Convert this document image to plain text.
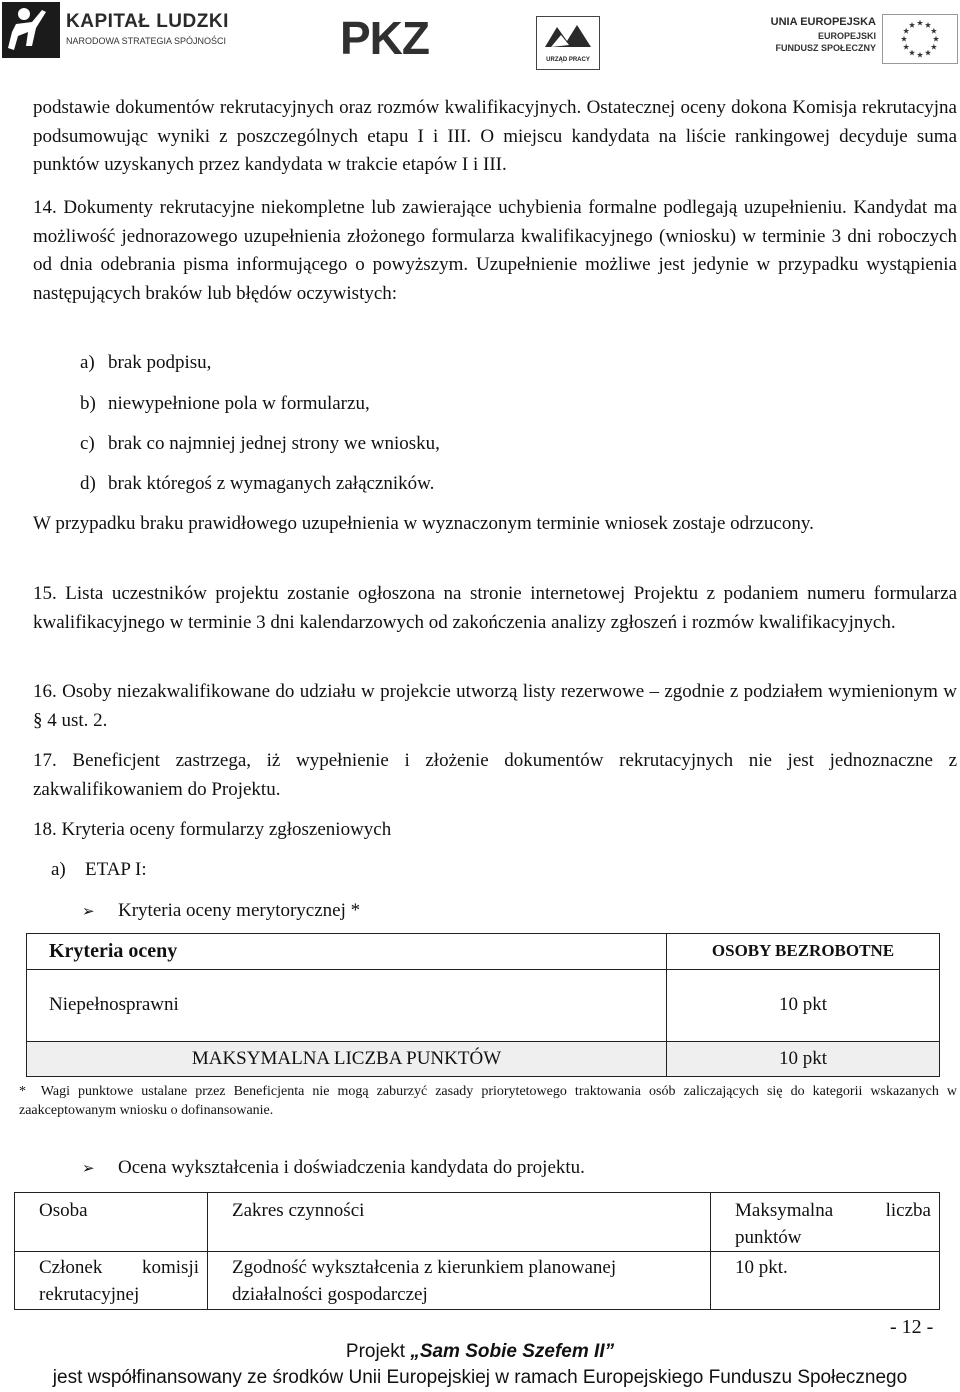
KAPITAŁ LUDZKI
NARODOWA STRATEGIA SPÓJNOŚCI PKZ	URZĄD PRACY
UNIA EUROPEJSKA
EUROPEJSKI
FUNDUSZ SPOŁECZNY
podstawie dokumentów rekrutacyjnych oraz rozmów kwalifikacyjnych. Ostatecznej oceny dokona Komisja rekrutacyjna podsumowując wyniki z poszczególnych etapu I i III. O miejscu kandydata na liście rankingowej decyduje suma punktów uzyskanych przez kandydata w trakcie etapów I i III.
14. Dokumenty rekrutacyjne niekompletne lub zawierające uchybienia formalne podlegają uzupełnieniu. Kandydat ma możliwość jednorazowego uzupełnienia złożonego formularza kwalifikacyjnego (wniosku) w terminie 3 dni roboczych od dnia odebrania pisma informującego o powyższym. Uzupełnienie możliwe jest jedynie w przypadku wystąpienia następujących braków lub błędów oczywistych:
a) brak podpisu,
b) niewypełnione pola w formularzu,
c) brak co najmniej jednej strony we wniosku,
d) brak któregoś z wymaganych załączników.
W przypadku braku prawidłowego uzupełnienia w wyznaczonym terminie wniosek zostaje odrzucony.
15. Lista uczestników projektu zostanie ogłoszona na stronie internetowej Projektu z podaniem numeru formularza kwalifikacyjnego w terminie 3 dni kalendarzowych od zakończenia analizy zgłoszeń i rozmów kwalifikacyjnych.
16. Osoby niezakwalifikowane do udziału w projekcie utworzą listy rezerwowe – zgodnie z podziałem wymienionym w § 4 ust. 2.
17. Beneficjent zastrzega, iż wypełnienie i złożenie dokumentów rekrutacyjnych nie jest jednoznaczne z zakwalifikowaniem do Projektu.
18. Kryteria oceny formularzy zgłoszeniowych
a) ETAP I:
➢ Kryteria oceny merytorycznej *
Kryteria oceny	OSOBY BEZROBOTNE
Niepełnosprawni	10 pkt
MAKSYMALNA LICZBA PUNKTÓW	10 pkt
* Wagi punktowe ustalane przez Beneficjenta nie mogą zaburzyć zasady priorytetowego traktowania osób zaliczających się do kategorii wskazanych w zaakceptowanym wniosku o dofinansowanie.
➢ Ocena wykształcenia i doświadczenia kandydata do projektu.
Osoba	Zakres czynności	Maksymalna liczba punktów
Członek komisji rekrutacyjnej	Zgodność wykształcenia z kierunkiem planowanej działalności gospodarczej	10 pkt.
- 12 -
Projekt „Sam Sobie Szefem II”
jest współfinansowany ze środków Unii Europejskiej w ramach Europejskiego Funduszu Społecznego
